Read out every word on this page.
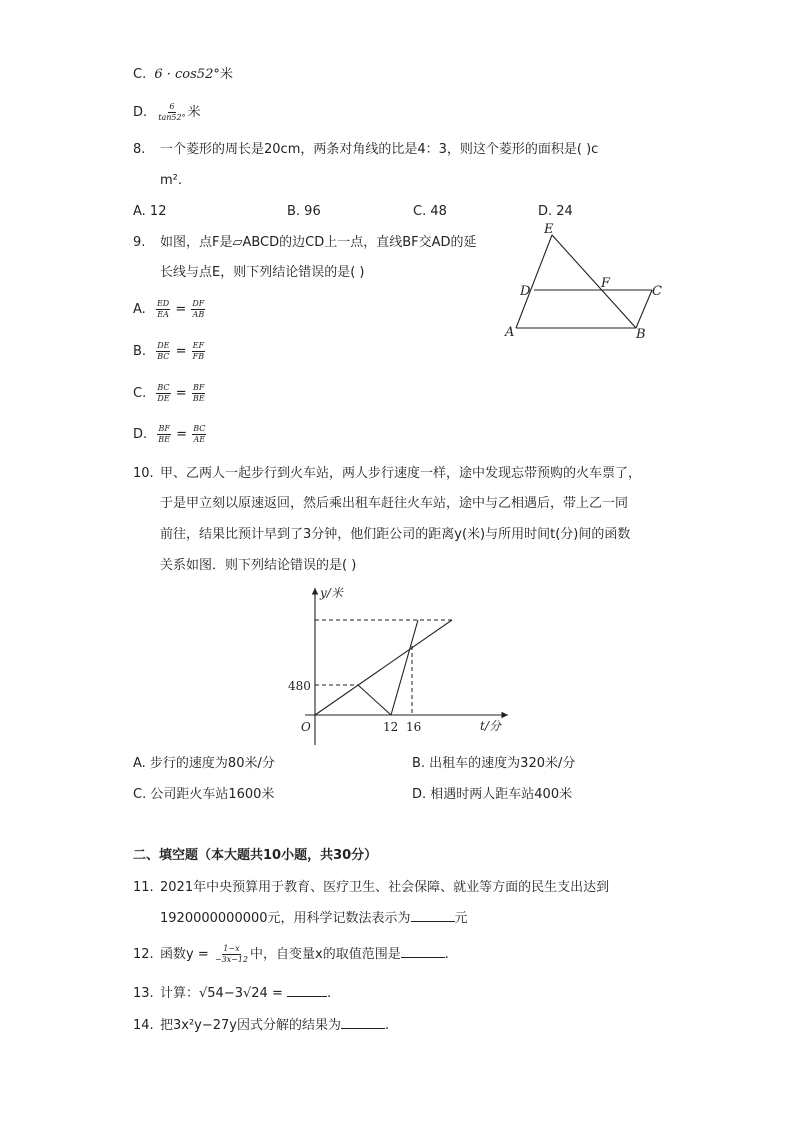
C. 6 · cos52°米
D. $\frac{6}{\tan 52^\circ}$ 米
8. 一个菱形的周长是20cm，两条对角线的比是4：3，则这个菱形的面积是( )c
m².
A. 12	B. 96	C. 48	D. 24
9. 如图，点F是▱ABCD的边CD上一点，直线BF交AD的延
长线与点E，则下列结论错误的是( )
A. $\frac{ED}{EA} = \frac{DF}{AB}$
B. $\frac{DE}{BC} = \frac{EF}{FB}$
C. $\frac{BC}{DE} = \frac{BF}{BE}$
D. $\frac{BF}{BE} = \frac{BC}{AE}$
E
D
F
C
A	B
10. 甲、乙两人一起步行到火车站，两人步行速度一样，途中发现忘带预购的火车票了，
于是甲立刻以原速返回，然后乘出租车赶往火车站，途中与乙相遇后，带上乙一同
前往，结果比预计早到了3分钟，他们距公司的距离y(米)与所用时间t(分)间的函数
关系如图．则下列结论错误的是( )
y/米
t/分
O
480
12 16
A. 步行的速度为80米/分	B. 出租车的速度为320米/分
C. 公司距火车站1600米	D. 相遇时两人距车站400米
二、填空题（本大题共10小题，共30分）
11. 2021年中央预算用于教育、医疗卫生、社会保障、就业等方面的民生支出达到
1920000000000元，用科学记数法表示为	元
12. 函数$y = \frac{1-x}{-3x-12}$ 中，自变量x的取值范围是	.
13. 计算：√54−3√24 =	.
14. 把3x²y−27y因式分解的结果为	.
